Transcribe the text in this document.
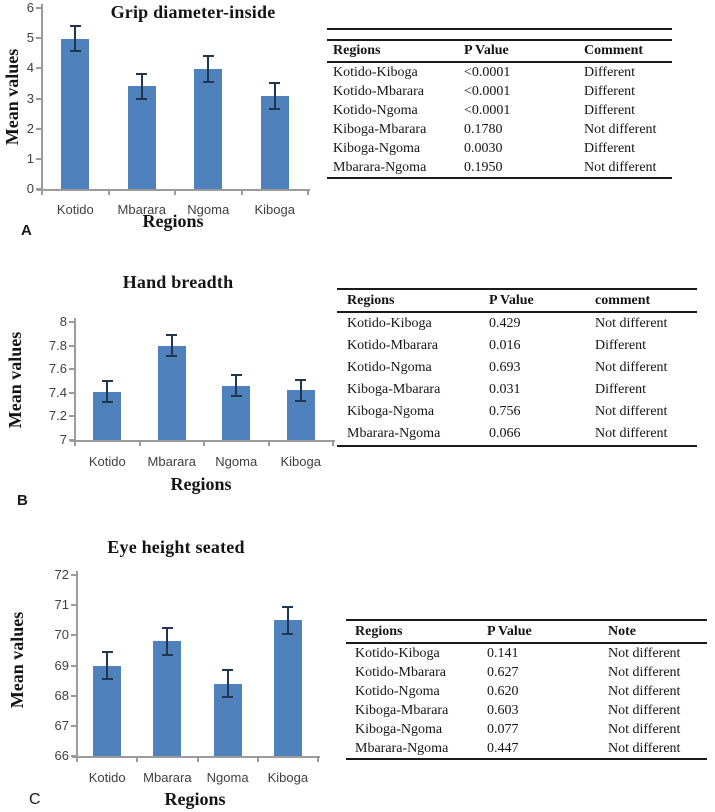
Grip diameter-inside
Mean values
0
1
2
3
4
5
6
Kotido	Mbarara	Ngoma	Kiboga
Regions
A
Regions	P Value	Comment
Kotido-Kiboga	<0.0001	Different
Kotido-Mbarara	<0.0001	Different
Kotido-Ngoma	<0.0001	Different
Kiboga-Mbarara	0.1780	Not different
Kiboga-Ngoma	0.0030	Different
Mbarara-Ngoma	0.1950	Not different
Hand breadth
Mean values
7
7.2
7.4
7.6
7.8
8
Kotido	Mbarara	Ngoma	Kiboga
Regions
B
Regions	P Value	comment
Kotido-Kiboga	0.429	Not different
Kotido-Mbarara	0.016	Different
Kotido-Ngoma	0.693	Not different
Kiboga-Mbarara	0.031	Different
Kiboga-Ngoma	0.756	Not different
Mbarara-Ngoma	0.066	Not different
Eye height seated
Mean values
66
67
68
69
70
71
72
Kotido	Mbarara	Ngoma	Kiboga
Regions
C
Regions	P Value	Note
Kotido-Kiboga	0.141	Not different
Kotido-Mbarara	0.627	Not different
Kotido-Ngoma	0.620	Not different
Kiboga-Mbarara	0.603	Not different
Kiboga-Ngoma	0.077	Not different
Mbarara-Ngoma	0.447	Not different
